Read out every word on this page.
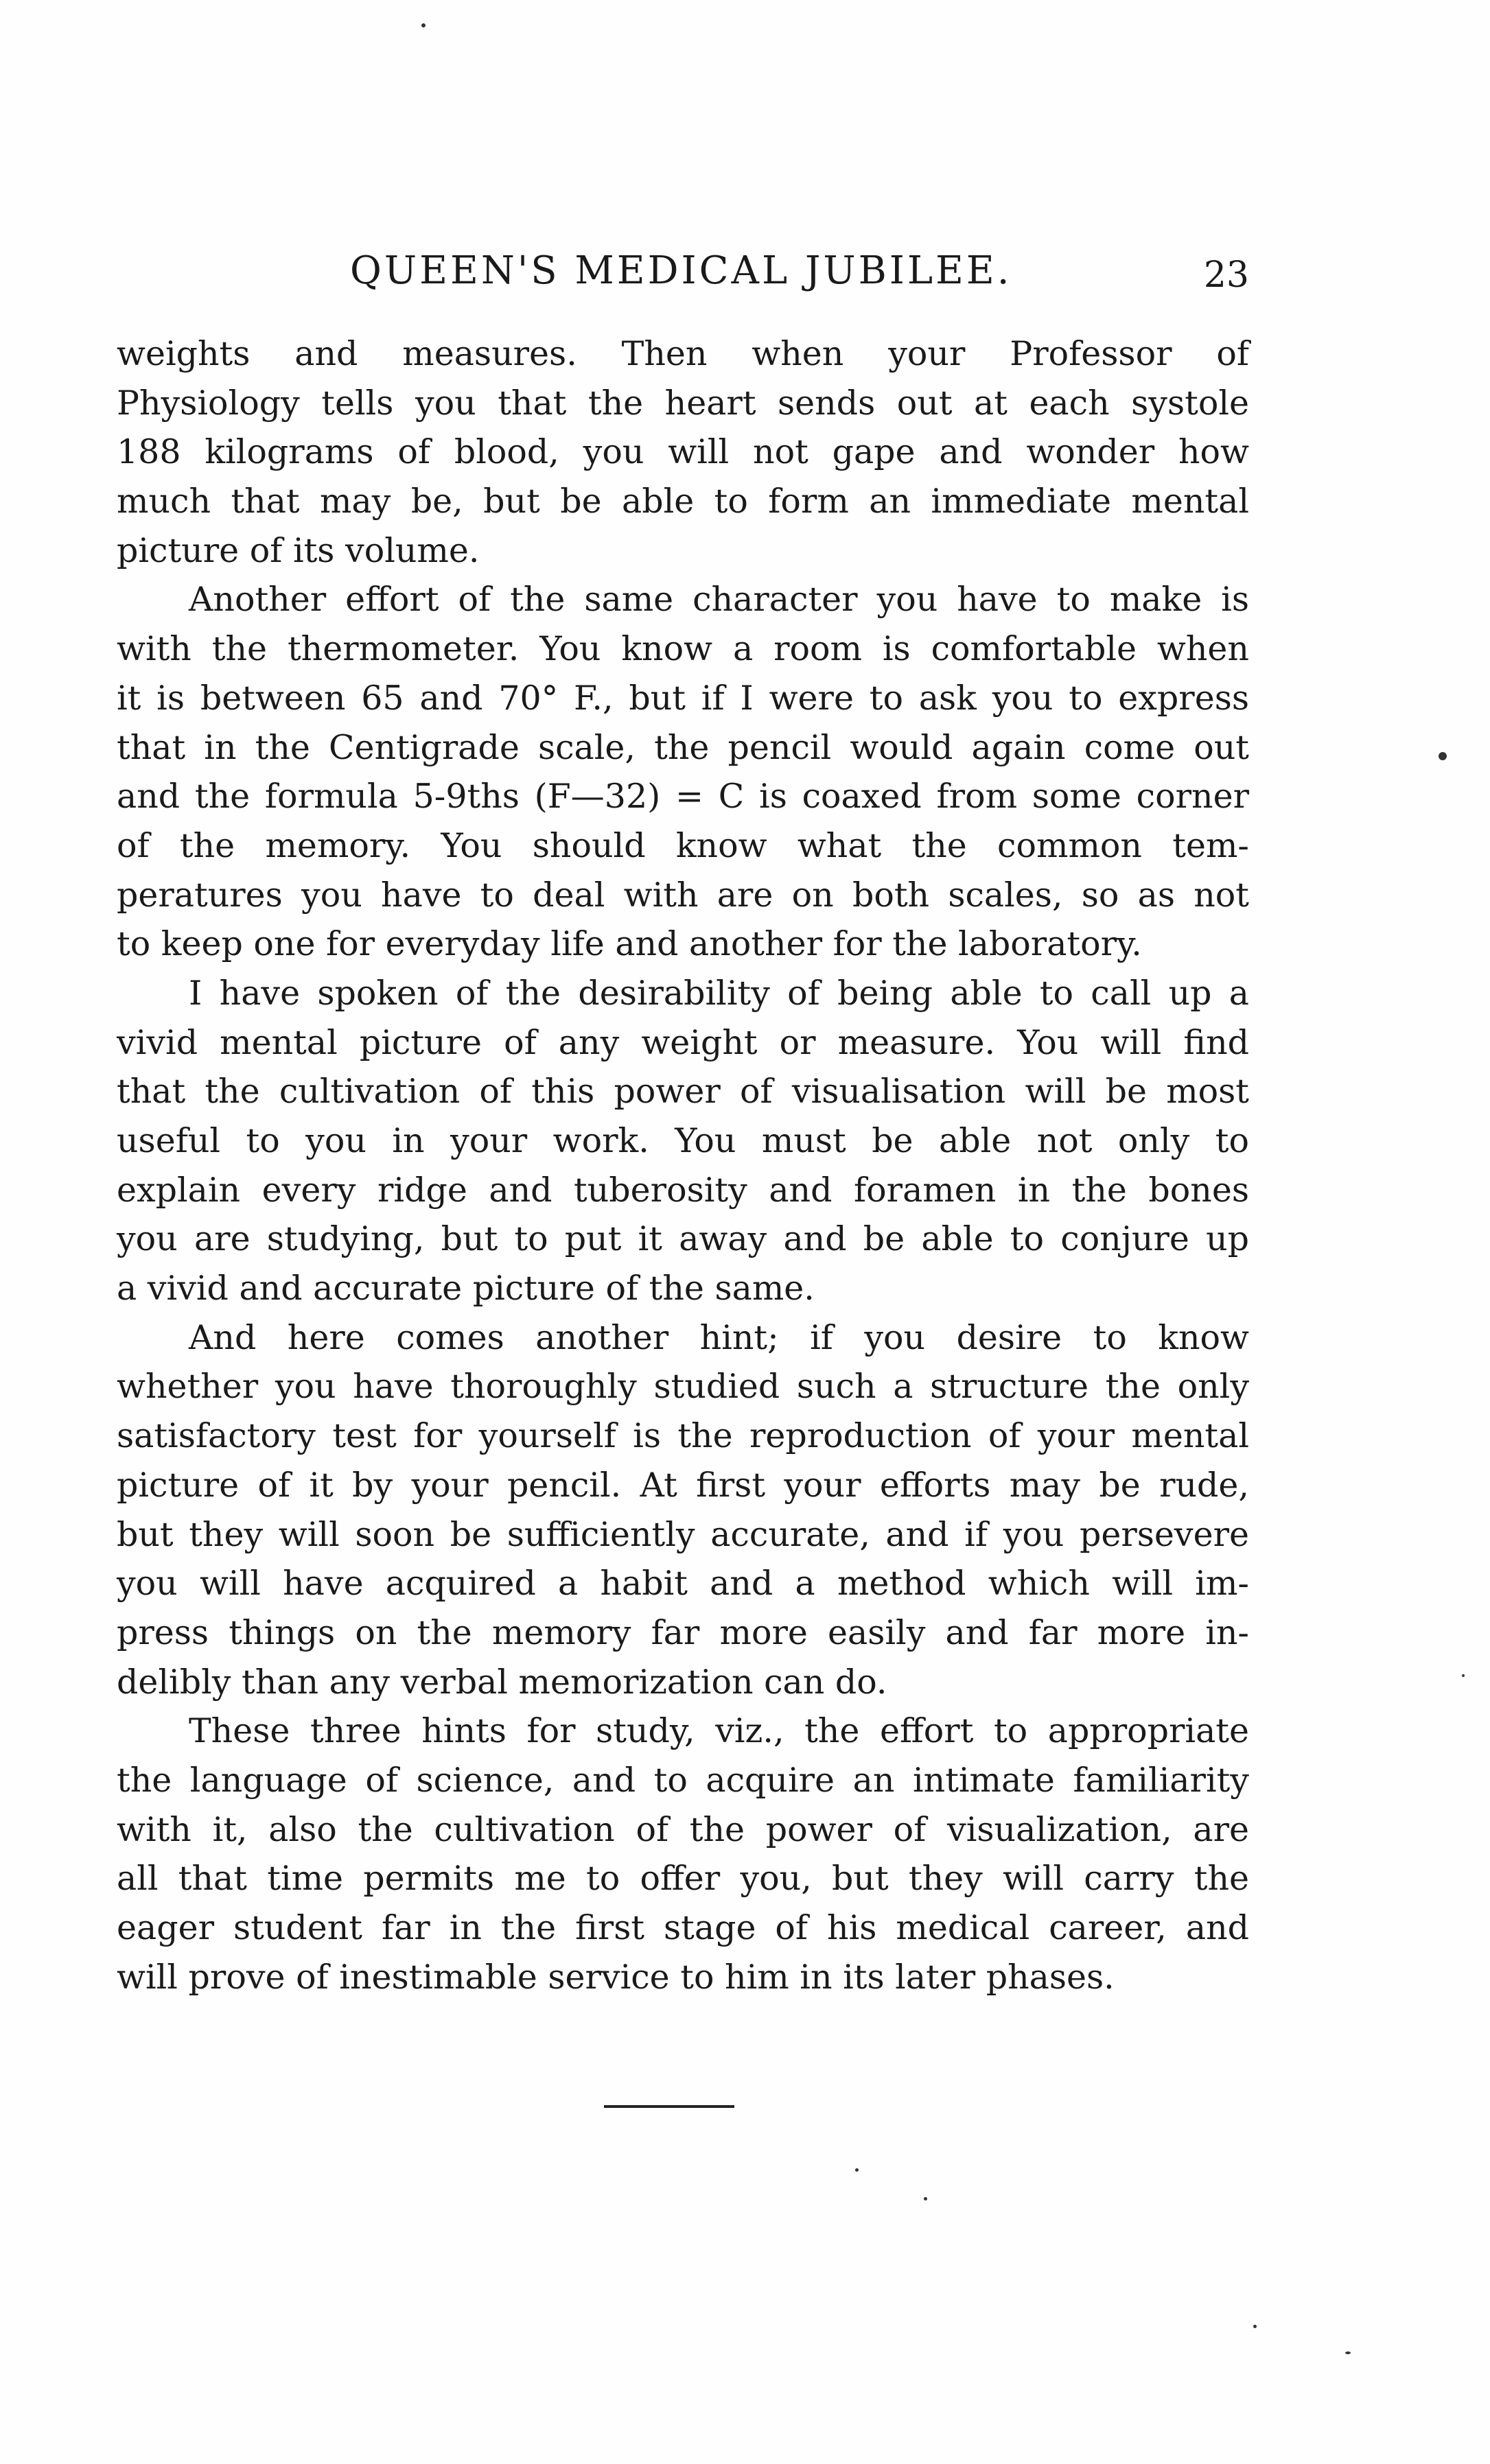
QUEEN'S MEDICAL JUBILEE.	23
weights and measures. Then when your Professor of
Physiology tells you that the heart sends out at each systole
188 kilograms of blood, you will not gape and wonder how
much that may be, but be able to form an immediate mental
picture of its volume.
Another effort of the same character you have to make is
with the thermometer. You know a room is comfortable when
it is between 65 and 70° F., but if I were to ask you to express
that in the Centigrade scale, the pencil would again come out
and the formula 5-9ths (F—32) = C is coaxed from some corner
of the memory. You should know what the common tem-
peratures you have to deal with are on both scales, so as not
to keep one for everyday life and another for the laboratory.
I have spoken of the desirability of being able to call up a
vivid mental picture of any weight or measure. You will find
that the cultivation of this power of visualisation will be most
useful to you in your work. You must be able not only to
explain every ridge and tuberosity and foramen in the bones
you are studying, but to put it away and be able to conjure up
a vivid and accurate picture of the same.
And here comes another hint; if you desire to know
whether you have thoroughly studied such a structure the only
satisfactory test for yourself is the reproduction of your mental
picture of it by your pencil. At first your efforts may be rude,
but they will soon be sufficiently accurate, and if you persevere
you will have acquired a habit and a method which will im-
press things on the memory far more easily and far more in-
delibly than any verbal memorization can do.
These three hints for study, viz., the effort to appropriate
the language of science, and to acquire an intimate familiarity
with it, also the cultivation of the power of visualization, are
all that time permits me to offer you, but they will carry the
eager student far in the first stage of his medical career, and
will prove of inestimable service to him in its later phases.
